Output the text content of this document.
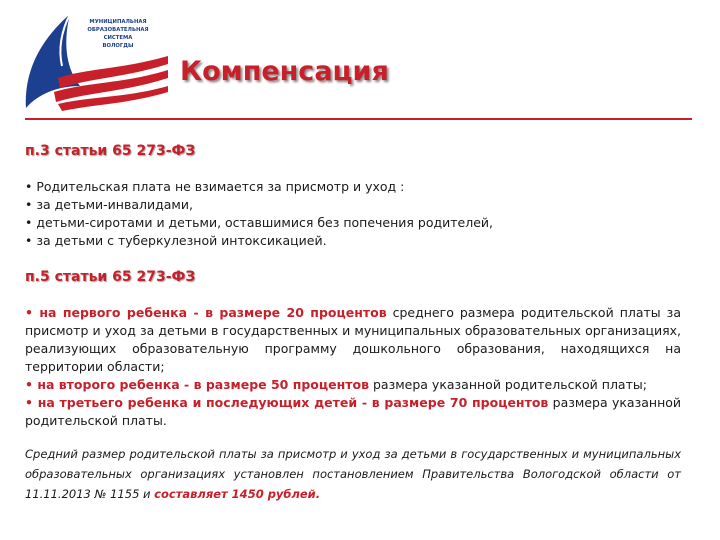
МУНИЦИПАЛЬНАЯ
ОБРАЗОВАТЕЛЬНАЯ
СИСТЕМА
ВОЛОГДЫ
Компенсация

п.3 статьи 65 273-ФЗ

• Родительская плата не взимается за присмотр и уход :

• за детьми-инвалидами,

• детьми-сиротами и детьми, оставшимися без попечения родителей,

• за детьми с туберкулезной интоксикацией.

п.5 статьи 65 273-ФЗ

• на первого ребенка - в размере 20 процентов среднего размера родительской платы за присмотр и уход за детьми в государственных и муниципальных образовательных организациях, реализующих образовательную программу дошкольного образования, находящихся на территории области;

• на второго ребенка - в размере 50 процентов размера указанной родительской платы;

• на третьего ребенка и последующих детей - в размере 70 процентов размера указанной родительской платы.

Средний размер родительской платы за присмотр и уход за детьми в государственных и муниципальных образовательных организациях установлен постановлением Правительства Вологодской области от 11.11.2013 № 1155 и составляет 1450 рублей.
